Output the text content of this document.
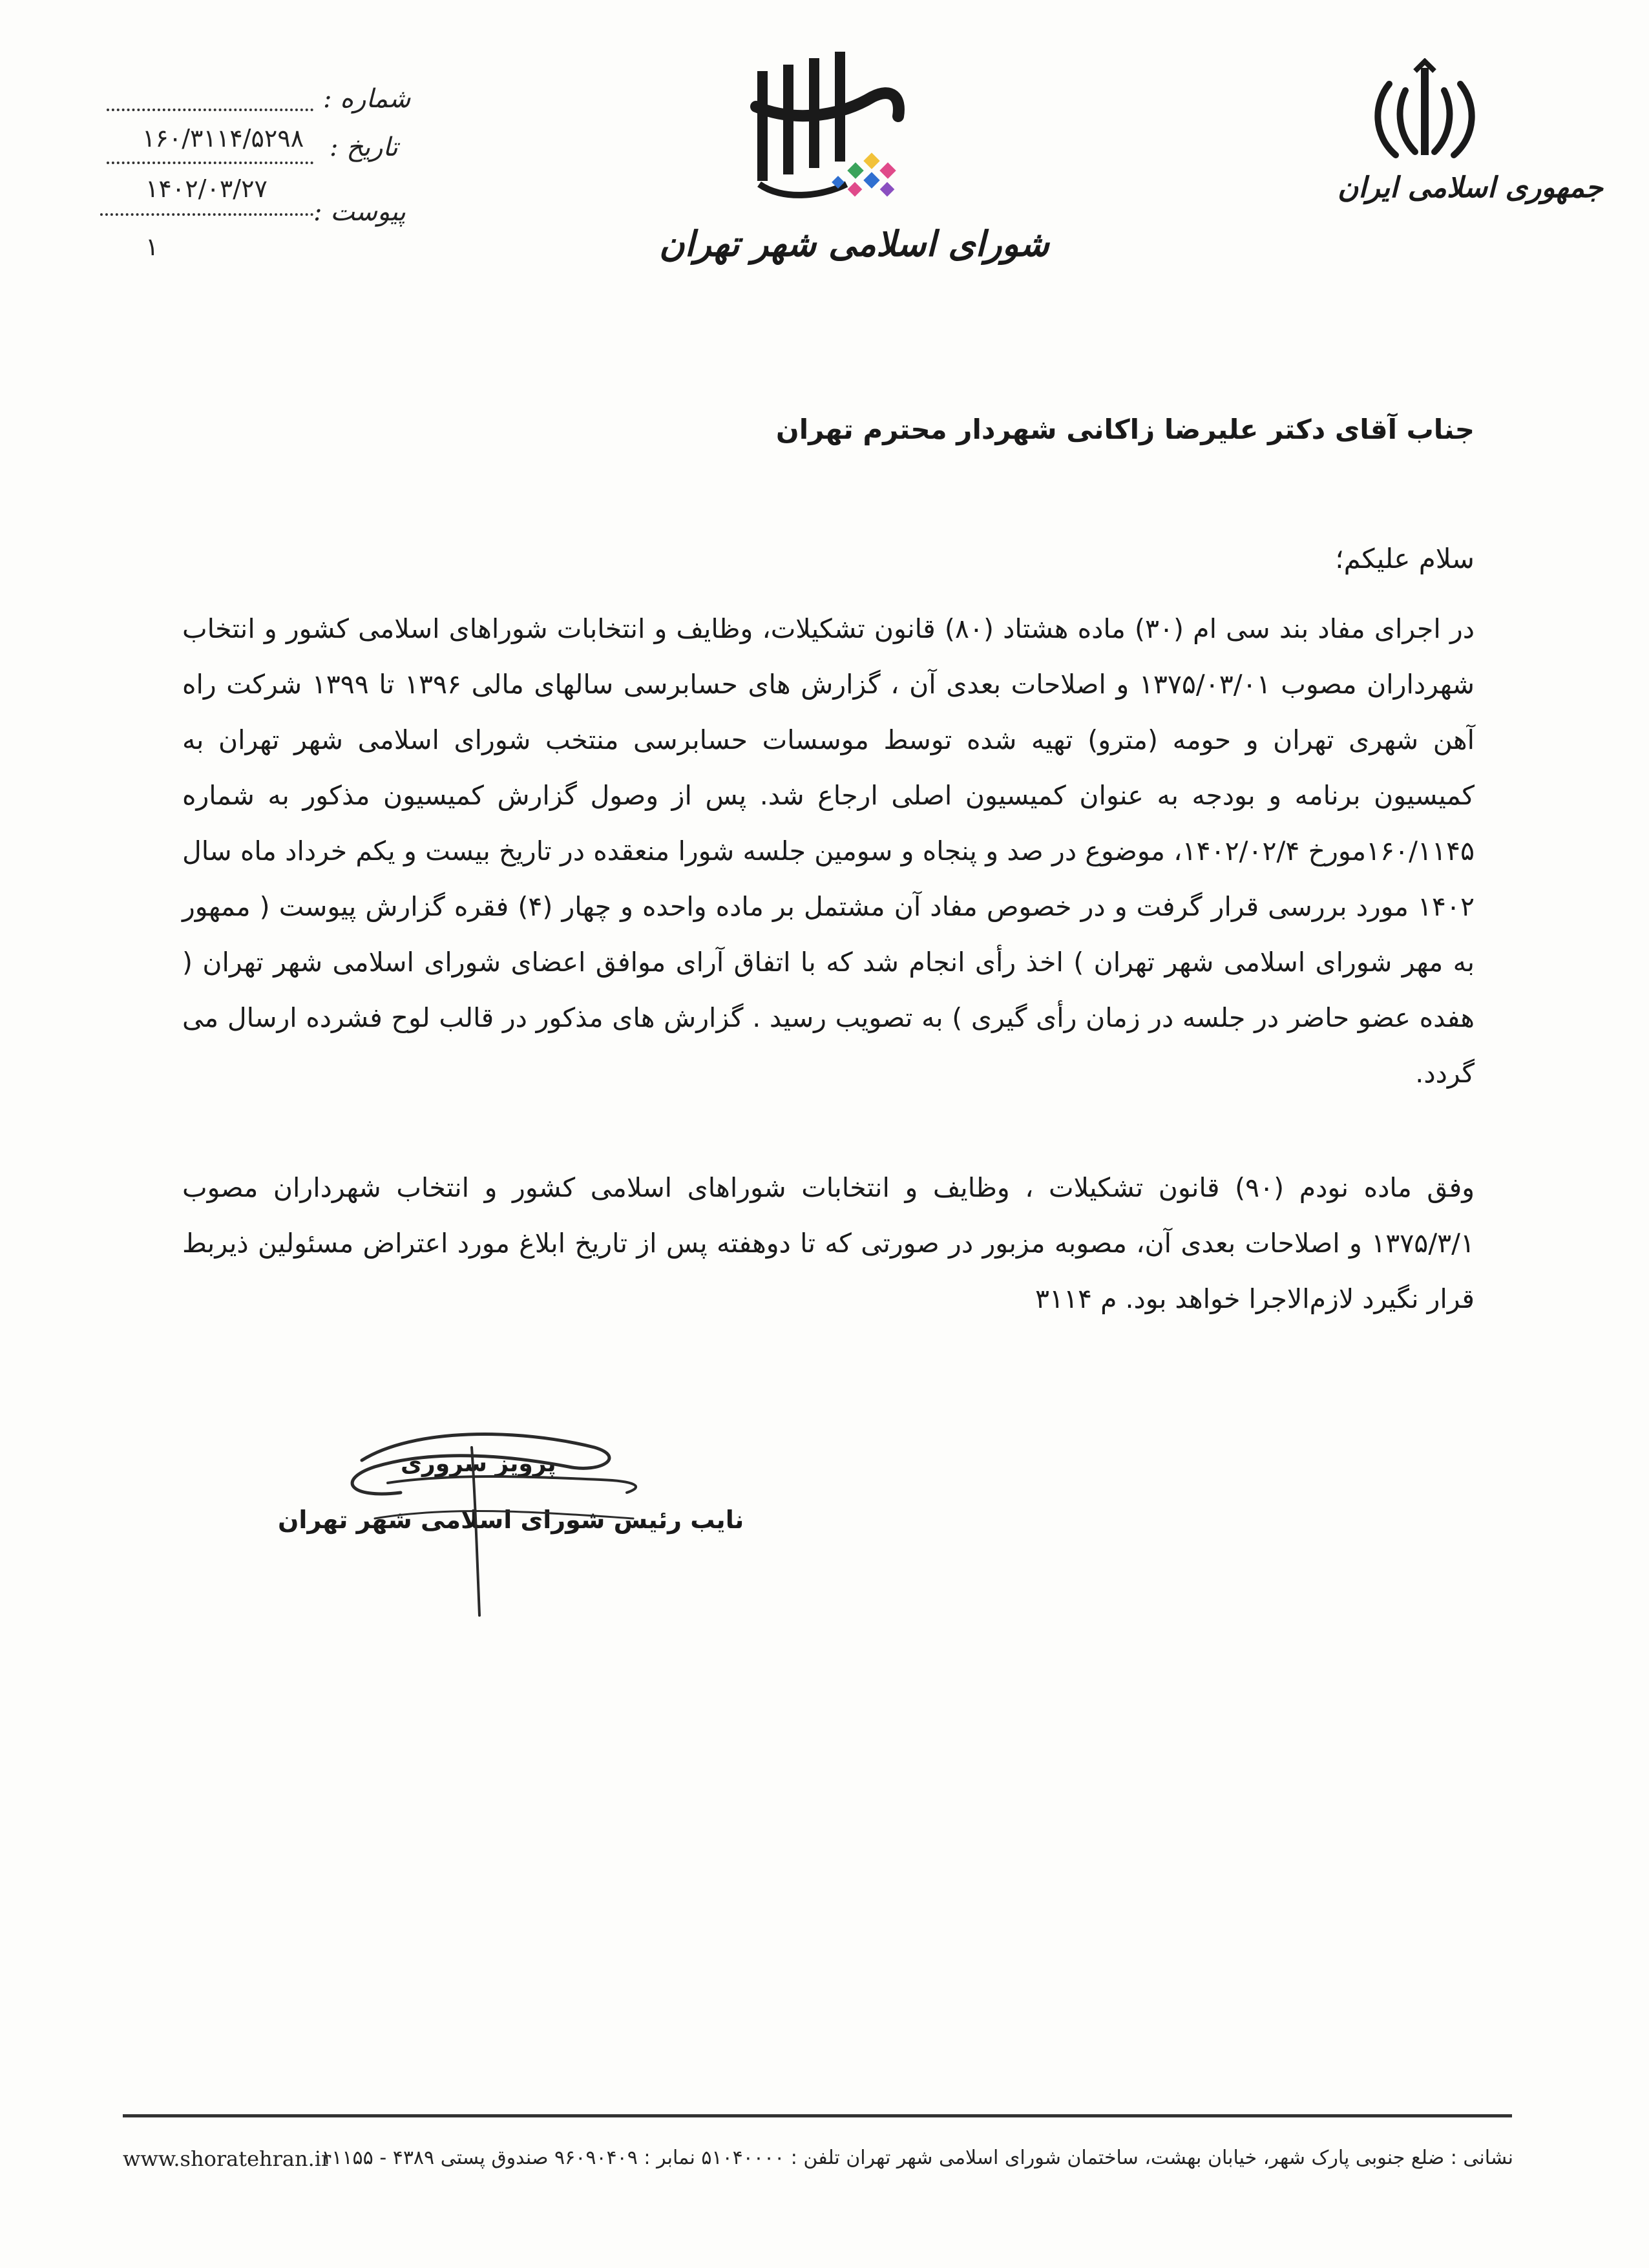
شماره :
۱۶۰/۳۱۱۴/۵۲۹۸ تاریخ :
۱۴۰۲/۰۳/۲۷
پیوست :
۱	شورای اسلامی شهر تهران
جمهوری اسلامی ایران
جناب آقای دکتر علیرضا زاکانی شهردار محترم تهران
سلام علیکم؛

در اجرای مفاد بند سی ام (۳۰) ماده هشتاد (۸۰) قانون تشکیلات، وظایف و انتخابات شوراهای اسلامی کشور و انتخاب شهرداران مصوب ۱۳۷۵/۰۳/۰۱ و اصلاحات بعدی آن ، گزارش های حسابرسی سالهای مالی ۱۳۹۶ تا ۱۳۹۹ شرکت راه آهن شهری تهران و حومه (مترو) تهیه شده توسط موسسات حسابرسی منتخب شورای اسلامی شهر تهران به کمیسیون برنامه و بودجه به عنوان کمیسیون اصلی ارجاع شد. پس از وصول گزارش کمیسیون مذکور به شماره ۱۶۰/۱۱۴۵مورخ ۱۴۰۲/۰۲/۴، موضوع در صد و پنجاه و سومین جلسه شورا منعقده در تاریخ بیست و یکم خرداد ماه سال ۱۴۰۲ مورد بررسی قرار گرفت و در خصوص مفاد آن مشتمل بر ماده واحده و چهار (۴) فقره گزارش پیوست ( ممهور به مهر شورای اسلامی شهر تهران ) اخذ رأی انجام شد که با اتفاق آرای موافق اعضای شورای اسلامی شهر تهران ( هفده عضو حاضر در جلسه در زمان رأی گیری ) به تصویب رسید . گزارش های مذکور در قالب لوح فشرده ارسال می گردد.

وفق ماده نودم (۹۰) قانون تشکیلات ، وظایف و انتخابات شوراهای اسلامی کشور و انتخاب شهرداران مصوب ۱۳۷۵/۳/۱ و اصلاحات بعدی آن، مصوبه مزبور در صورتی که تا دوهفته پس از تاریخ ابلاغ مورد اعتراض مسئولین ذیربط قرار نگیرد لازم‌الاجرا خواهد بود. م ۳۱۱۴

پرویز سروری
نایب رئیس شورای اسلامی شهر تهران
نشانی : ضلع جنوبی پارک شهر، خیابان بهشت، ساختمان شورای اسلامی شهر تهران تلفن : ۵۱۰۴۰۰۰۰ نمابر : ۹۶۰۹۰۴۰۹ صندوق پستی ۴۳۸۹ - ۱۱۱۵۵
www.shoratehran.ir
